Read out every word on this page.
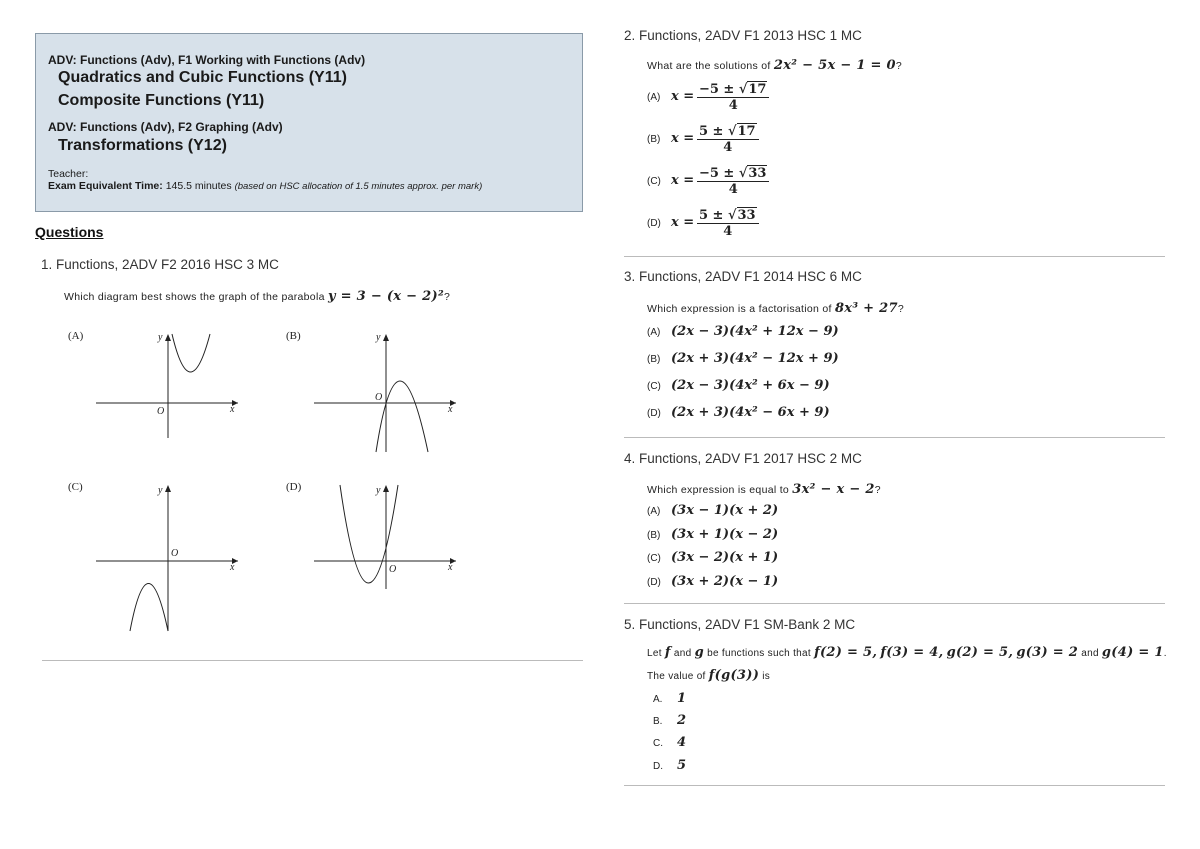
ADV: Functions (Adv), F1 Working with Functions (Adv)
Quadratics and Cubic Functions (Y11)
Composite Functions (Y11)
ADV: Functions (Adv), F2 Graphing (Adv)
Transformations (Y12)
Teacher:
Exam Equivalent Time: 145.5 minutes (based on HSC allocation of 1.5 minutes approx. per mark)
Questions
1. Functions, 2ADV F2 2016 HSC 3 MC
Which diagram best shows the graph of the parabola y = 3 − (x − 2)²?
(A)	y
x
O
(B)	y
x
O
(C)	y
x
O
(D)	y
x
O
2. Functions, 2ADV F1 2013 HSC 1 MC
What are the solutions of 2x² − 5x − 1 = 0?
(A) $x = \frac{-5 \pm √17}{4}$
(B) $x = \frac{5 \pm √17}{4}$
(C) $x = \frac{-5 \pm √33}{4}$
(D) $x = \frac{5 \pm √33}{4}$
3. Functions, 2ADV F1 2014 HSC 6 MC
Which expression is a factorisation of 8x³ + 27?
(A) (2x − 3)(4x² + 12x − 9)
(B) (2x + 3)(4x² − 12x + 9)
(C) (2x − 3)(4x² + 6x − 9)
(D) (2x + 3)(4x² − 6x + 9)
4. Functions, 2ADV F1 2017 HSC 2 MC
Which expression is equal to 3x² − x − 2?
(A) (3x − 1)(x + 2)
(B) (3x + 1)(x − 2)
(C) (3x − 2)(x + 1)
(D) (3x + 2)(x − 1)
5. Functions, 2ADV F1 SM-Bank 2 MC
Let f and g be functions such that f(2) = 5, f(3) = 4, g(2) = 5, g(3) = 2 and g(4) = 1.
The value of f(g(3)) is
A. 1
B. 2
C. 4
D. 5
